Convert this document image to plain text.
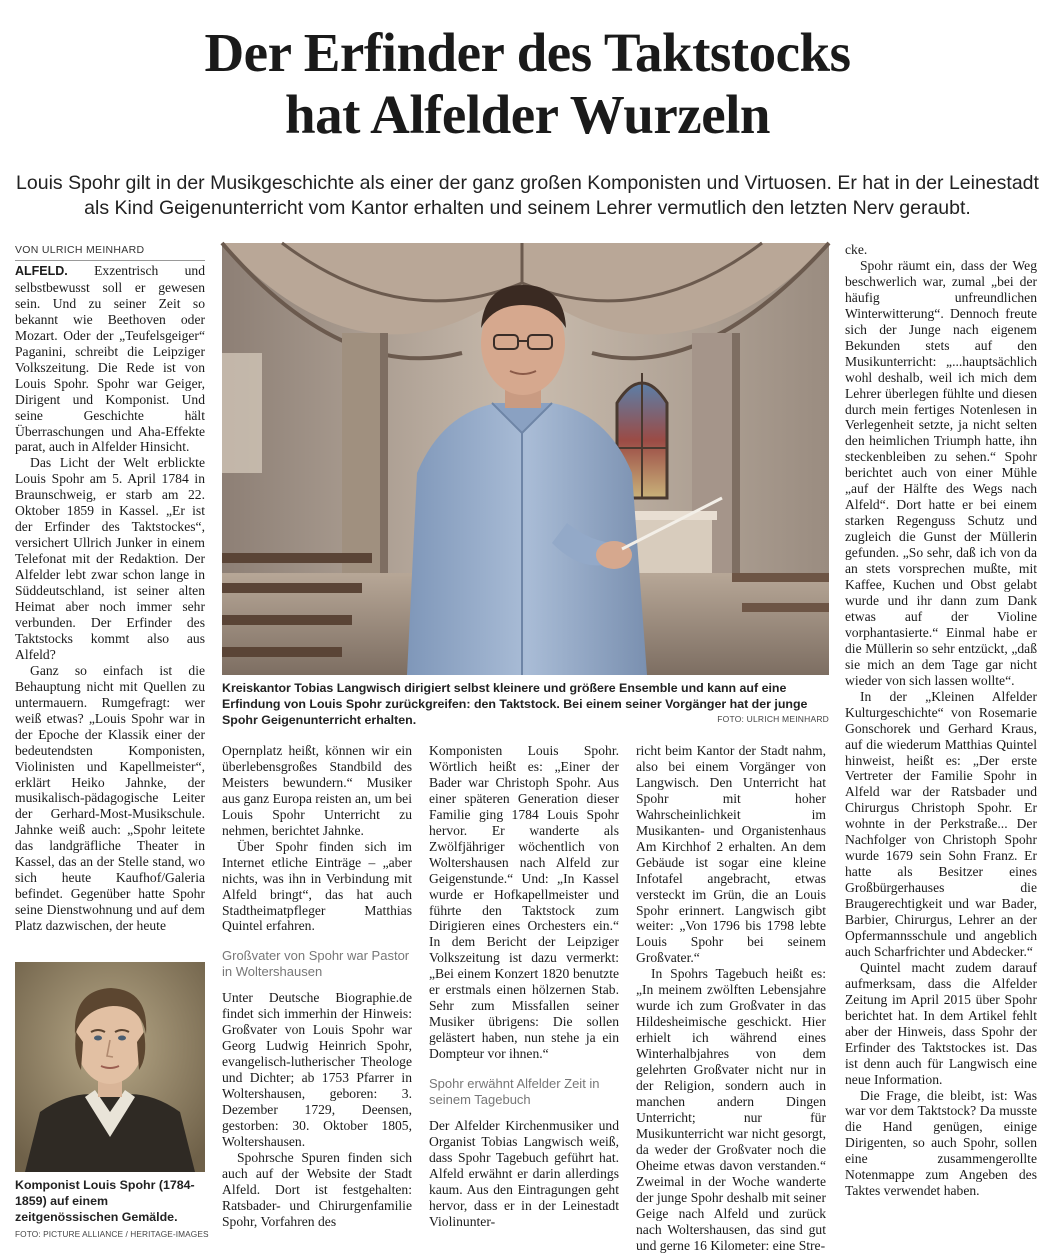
Der Erfinder des Taktstocks
hat Alfelder Wurzeln

Louis Spohr gilt in der Musikgeschichte als einer der ganz großen Komponisten und Virtuosen. Er hat in der Leinestadt
als Kind Geigenunterricht vom Kantor erhalten und seinem Lehrer vermutlich den letzten Nerv geraubt.

VON ULRICH MEINHARD

ALFELD. Exzentrisch und selbstbewusst soll er gewesen sein. Und zu seiner Zeit so bekannt wie Beethoven oder Mozart. Oder der „Teufelsgeiger“ Paganini, schreibt die Leipziger Volkszeitung. Die Rede ist von Louis Spohr. Spohr war Geiger, Dirigent und Komponist. Und seine Geschichte hält Überraschungen und Aha-Effekte parat, auch in Alfelder Hinsicht.

Das Licht der Welt erblickte Louis Spohr am 5. April 1784 in Braunschweig, er starb am 22. Oktober 1859 in Kassel. „Er ist der Erfinder des Taktstockes“, versichert Ullrich Junker in einem Telefonat mit der Redaktion. Der Alfelder lebt zwar schon lange in Süddeutschland, ist seiner alten Heimat aber noch immer sehr verbunden. Der Erfinder des Taktstocks kommt also aus Alfeld?

Ganz so einfach ist die Behauptung nicht mit Quellen zu untermauern. Rumgefragt: wer weiß etwas? „Louis Spohr war in der Epoche der Klassik einer der bedeutendsten Komponisten, Violinisten und Kapellmeister“, erklärt Heiko Jahnke, der musikalisch-pädagogische Leiter der Gerhard-Most-Musikschule. Jahnke weiß auch: „Spohr leitete das landgräfliche Theater in Kassel, das an der Stelle stand, wo sich heute Kaufhof/Galeria befindet. Gegenüber hatte Spohr seine Dienstwohnung und auf dem Platz dazwischen, der heute

Kreiskantor Tobias Langwisch dirigiert selbst kleinere und größere Ensemble und kann auf eine Erfindung von Louis Spohr zurückgreifen: den Taktstock. Bei einem seiner Vorgänger hat der junge Spohr Geigenunterricht erhalten.	FOTO: ULRICH MEINHARD

Opernplatz heißt, können wir ein überlebensgroßes Standbild des Meisters bewundern.“ Musiker aus ganz Europa reisten an, um bei Louis Spohr Unterricht zu nehmen, berichtet Jahnke.

Über Spohr finden sich im Internet etliche Einträge – „aber nichts, was ihn in Verbindung mit Alfeld bringt“, das hat auch Stadtheimatpfleger Matthias Quintel erfahren.

Großvater von Spohr war Pastor in Woltershausen

Unter Deutsche Biographie.de findet sich immerhin der Hinweis: Großvater von Louis Spohr war Georg Ludwig Heinrich Spohr, evangelisch-lutherischer Theologe und Dichter; ab 1753 Pfarrer in Woltershausen, geboren: 3. Dezember 1729, Deensen, gestorben: 30. Oktober 1805, Woltershausen.

Spohrsche Spuren finden sich auch auf der Website der Stadt Alfeld. Dort ist festgehalten: Ratsbader- und Chirurgenfamilie Spohr, Vorfahren des

Komponisten Louis Spohr. Wörtlich heißt es: „Einer der Bader war Christoph Spohr. Aus einer späteren Generation dieser Familie ging 1784 Louis Spohr hervor. Er wanderte als Zwölfjähriger wöchentlich von Woltershausen nach Alfeld zur Geigenstunde.“ Und: „In Kassel wurde er Hofkapellmeister und führte den Taktstock zum Dirigieren eines Orchesters ein.“ In dem Bericht der Leipziger Volkszeitung ist dazu vermerkt: „Bei einem Konzert 1820 benutzte er erstmals einen hölzernen Stab. Sehr zum Missfallen seiner Musiker übrigens: Die sollen gelästert haben, nun stehe ja ein Dompteur vor ihnen.“

Spohr erwähnt Alfelder Zeit in seinem Tagebuch

Der Alfelder Kirchenmusiker und Organist Tobias Langwisch weiß, dass Spohr Tagebuch geführt hat. Alfeld erwähnt er darin allerdings kaum. Aus den Eintragungen geht hervor, dass er in der Leinestadt Violinunter-

richt beim Kantor der Stadt nahm, also bei einem Vorgänger von Langwisch. Den Unterricht hat Spohr mit hoher Wahrscheinlichkeit im Musikanten- und Organistenhaus Am Kirchhof 2 erhalten. An dem Gebäude ist sogar eine kleine Infotafel angebracht, etwas versteckt im Grün, die an Louis Spohr erinnert. Langwisch gibt weiter: „Von 1796 bis 1798 lebte Louis Spohr bei seinem Großvater.“

In Spohrs Tagebuch heißt es: „In meinem zwölften Lebensjahre wurde ich zum Großvater in das Hildesheimische geschickt. Hier erhielt ich während eines Winterhalbjahres von dem gelehrten Großvater nicht nur in der Religion, sondern auch in manchen andern Dingen Unterricht; nur für Musikunterricht war nicht gesorgt, da weder der Großvater noch die Oheime etwas davon verstanden.“ Zweimal in der Woche wanderte der junge Spohr deshalb mit seiner Geige nach Alfeld und zurück nach Woltershausen, das sind gut und gerne 16 Kilometer: eine Stre-

cke.

Spohr räumt ein, dass der Weg beschwerlich war, zumal „bei der häufig unfreundlichen Winterwitterung“. Dennoch freute sich der Junge nach eigenem Bekunden stets auf den Musikunterricht: „...hauptsächlich wohl deshalb, weil ich mich dem Lehrer überlegen fühlte und diesen durch mein fertiges Notenlesen in Verlegenheit setzte, ja nicht selten den heimlichen Triumph hatte, ihn steckenbleiben zu sehen.“ Spohr berichtet auch von einer Mühle „auf der Hälfte des Wegs nach Alfeld“. Dort hatte er bei einem starken Regenguss Schutz und zugleich die Gunst der Müllerin gefunden. „So sehr, daß ich von da an stets vorsprechen mußte, mit Kaffee, Kuchen und Obst gelabt wurde und ihr dann zum Dank etwas auf der Violine vorphantasierte.“ Einmal habe er die Müllerin so sehr entzückt, „daß sie mich an dem Tage gar nicht wieder von sich lassen wollte“.

In der „Kleinen Alfelder Kulturgeschichte“ von Rosemarie Gonschorek und Gerhard Kraus, auf die wiederum Matthias Quintel hinweist, heißt es: „Der erste Vertreter der Familie Spohr in Alfeld war der Ratsbader und Chirurgus Christoph Spohr. Er wohnte in der Perkstraße... Der Nachfolger von Christoph Spohr wurde 1679 sein Sohn Franz. Er hatte als Besitzer eines Großbürgerhauses die Braugerechtigkeit und war Bader, Barbier, Chirurgus, Lehrer an der Opfermannsschule und angeblich auch Scharfrichter und Abdecker.“

Quintel macht zudem darauf aufmerksam, dass die Alfelder Zeitung im April 2015 über Spohr berichtet hat. In dem Artikel fehlt aber der Hinweis, dass Spohr der Erfinder des Taktstockes ist. Das ist denn auch für Langwisch eine neue Information.

Die Frage, die bleibt, ist: Was war vor dem Taktstock? Da musste die Hand genügen, einige Dirigenten, so auch Spohr, sollen eine zusammengerollte Notenmappe zum Angeben des Taktes verwendet haben.

Komponist Louis Spohr (1784-1859) auf einem zeitgenössischen Gemälde.

FOTO: PICTURE ALLIANCE / HERITAGE-IMAGES
